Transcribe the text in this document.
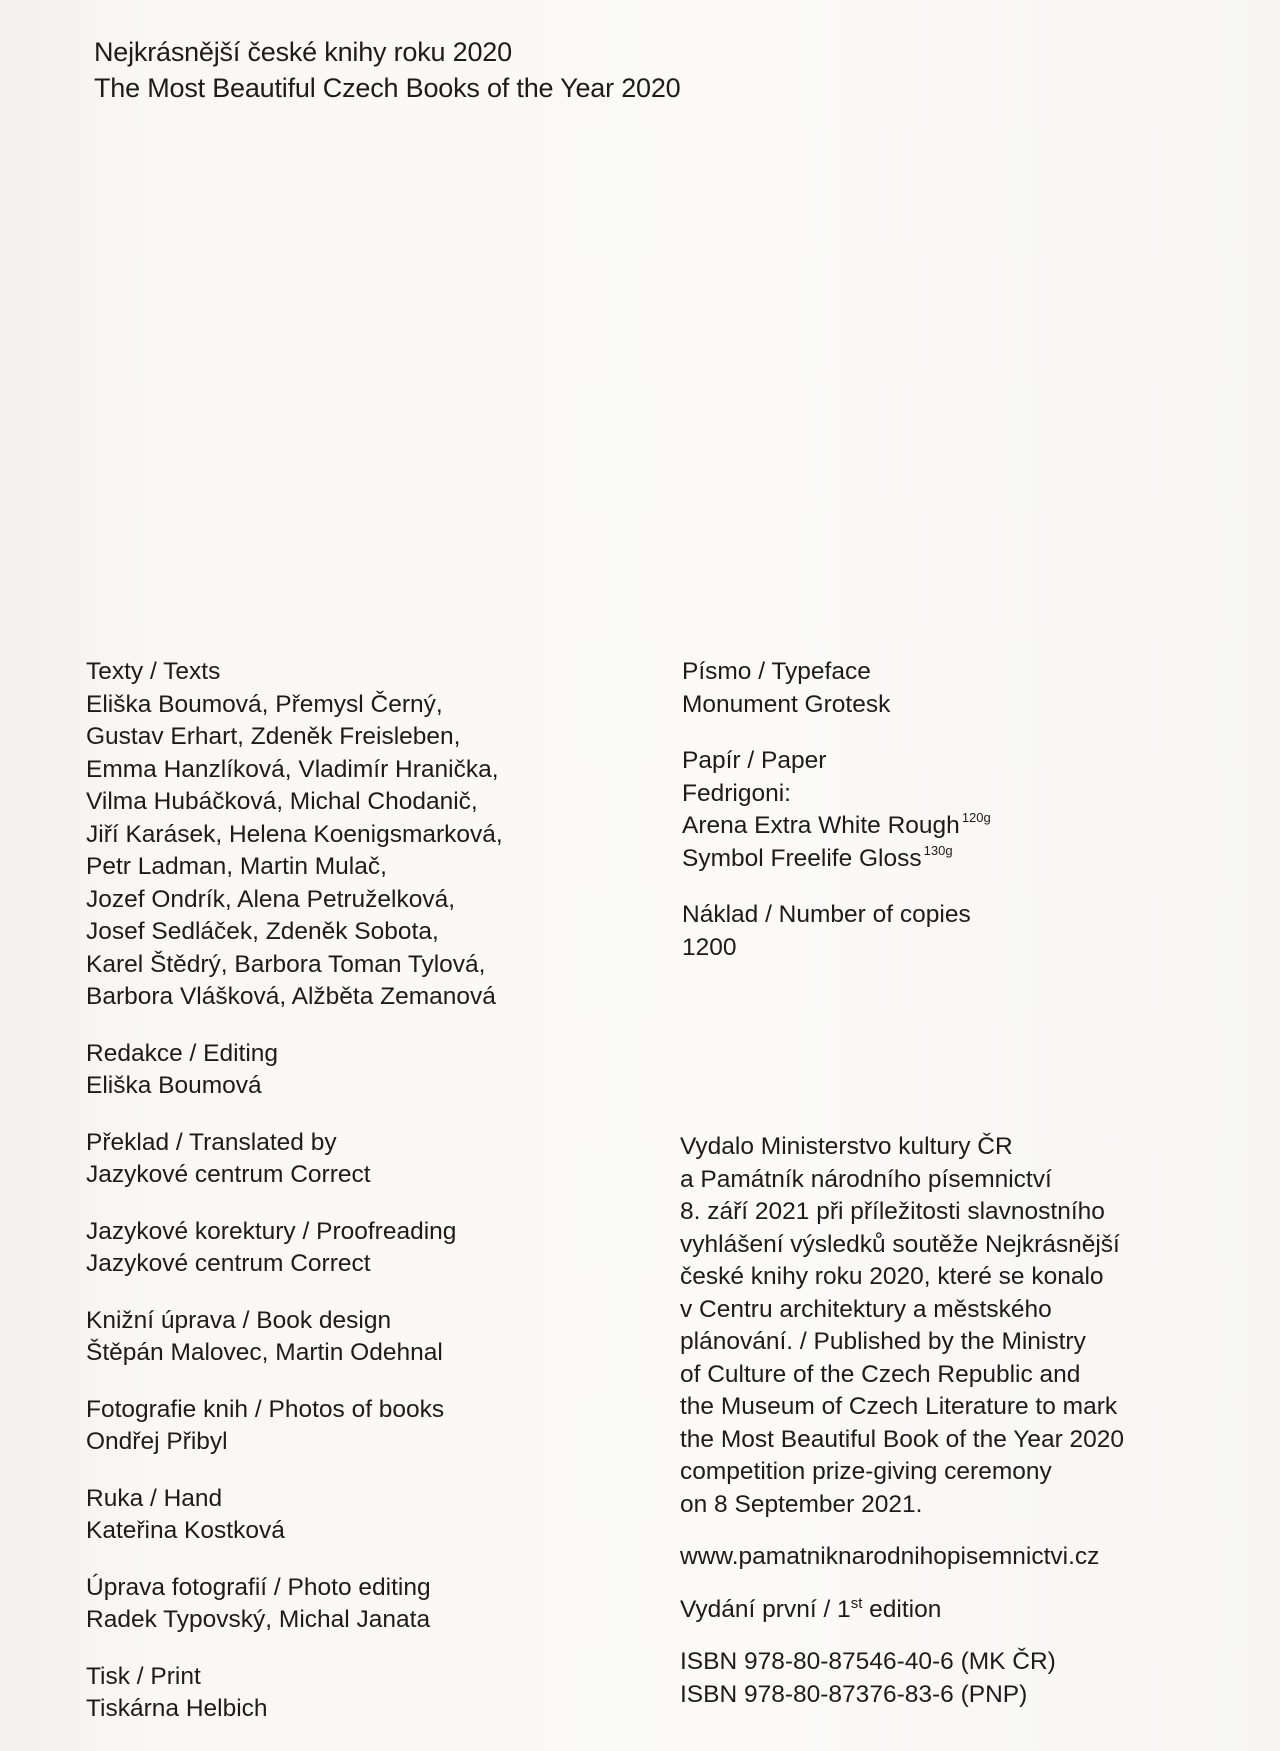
Nejkrásnější české knihy roku 2020
The Most Beautiful Czech Books of the Year 2020
Texty / Texts
Eliška Boumová, Přemysl Černý,
Gustav Erhart, Zdeněk Freisleben,
Emma Hanzlíková, Vladimír Hranička,
Vilma Hubáčková, Michal Chodanič,
Jiří Karásek, Helena Koenigsmarková,
Petr Ladman, Martin Mulač,
Jozef Ondrík, Alena Petruželková,
Josef Sedláček, Zdeněk Sobota,
Karel Štědrý, Barbora Toman Tylová,
Barbora Vlášková, Alžběta Zemanová
Redakce / Editing
Eliška Boumová
Překlad / Translated by
Jazykové centrum Correct
Jazykové korektury / Proofreading
Jazykové centrum Correct
Knižní úprava / Book design
Štěpán Malovec, Martin Odehnal
Fotografie knih / Photos of books
Ondřej Přibyl
Ruka / Hand
Kateřina Kostková
Úprava fotografií / Photo editing
Radek Typovský, Michal Janata
Tisk / Print
Tiskárna Helbich
Písmo / Typeface
Monument Grotesk
Papír / Paper
Fedrigoni:
Arena Extra White Rough $^{120g}$
Symbol Freelife Gloss $^{130g}$
Náklad / Number of copies
1200
Vydalo Ministerstvo kultury ČR
a Památník národního písemnictví
8. září 2021 při příležitosti slavnostního
vyhlášení výsledků soutěže Nejkrásnější
české knihy roku 2020, které se konalo
v Centru architektury a městského
plánování. / Published by the Ministry
of Culture of the Czech Republic and
the Museum of Czech Literature to mark
the Most Beautiful Book of the Year 2020
competition prize-giving ceremony
on 8 September 2021.
www.pamatniknarodnihopisemnictvi.cz
Vydání první / 1st edition
ISBN 978-80-87546-40-6 (MK ČR)
ISBN 978-80-87376-83-6 (PNP)
